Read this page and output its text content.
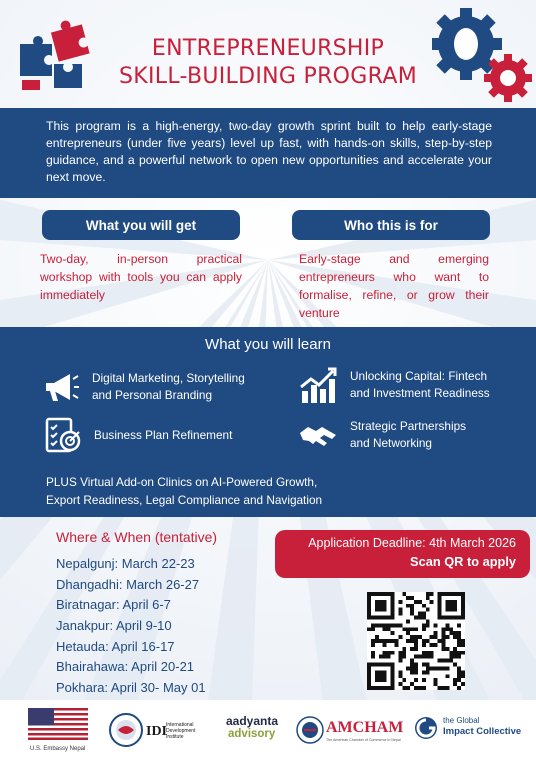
ENTREPRENEURSHIP
SKILL-BUILDING PROGRAM
This program is a high-energy, two-day growth sprint built to help early-stage entrepreneurs (under five years) level up fast, with hands-on skills, step-by-step guidance, and a powerful network to open new opportunities and accelerate your next move.
What you will get	Who this is for
Two-day, in-person practical workshop with tools you can apply immediately
Early-stage and emerging entrepreneurs who want to formalise, refine, or grow their venture
What you will learn
Digital Marketing, Storytelling
and Personal Branding
Unlocking Capital: Fintech
and Investment Readiness
Business Plan Refinement
Strategic Partnerships
and Networking
PLUS Virtual Add-on Clinics on AI-Powered Growth,
Export Readiness, Legal Compliance and Navigation
Where & When (tentative)
Nepalgunj: March 22-23
Dhangadhi: March 26-27
Biratnagar: April 6-7
Janakpur: April 9-10
Hetauda: April 16-17
Bhairahawa: April 20-21
Pokhara: April 30- May 01
Application Deadline: 4th March 2026
Scan QR to apply
U.S. Embassy Nepal
IDI
International Development Institute
aadyanta
advisory	AMCHAM
The American Chamber of Commerce in Nepal
the Global
Impact Collective
